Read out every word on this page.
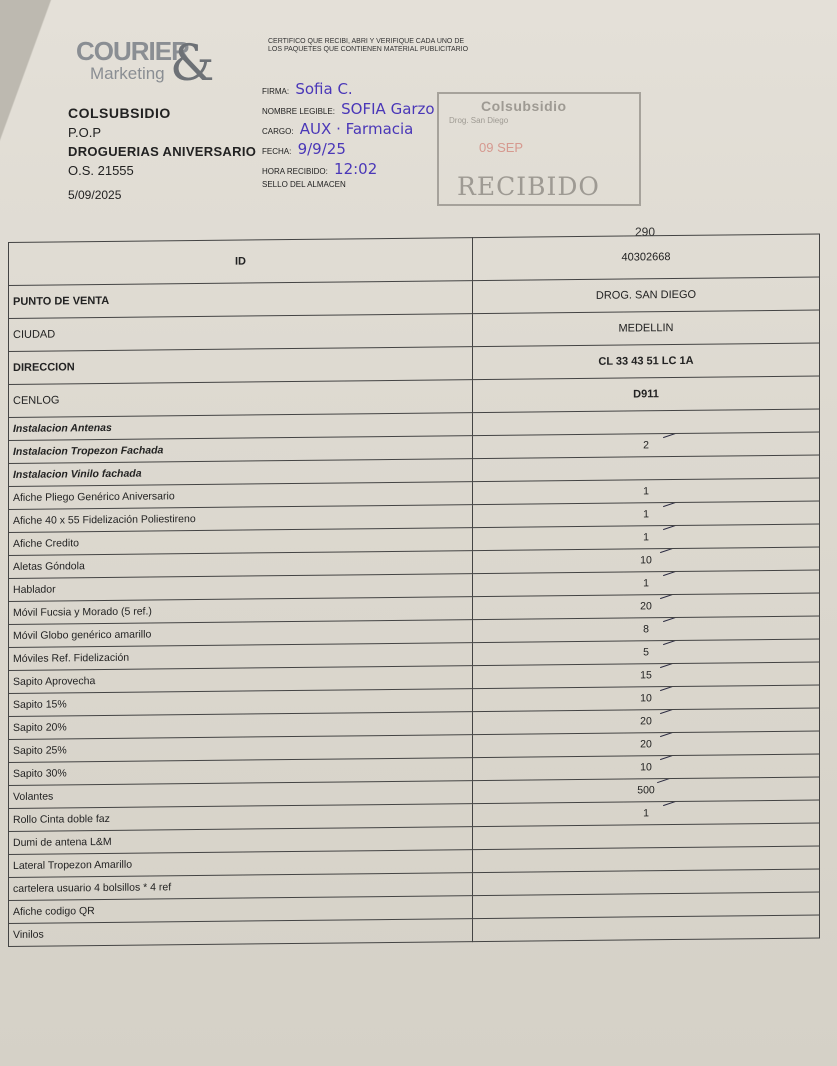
COURIER
Marketing &
COLSUBSIDIO
P.O.P
DROGUERIAS ANIVERSARIO
O.S. 21555
5/09/2025
CERTIFICO QUE RECIBI, ABRI Y VERIFIQUE CADA UNO DE LOS PAQUETES QUE CONTIENEN MATERIAL PUBLICITARIO
FIRMA: Sofia C.
NOMBRE LEGIBLE: SOFIA Garzo
CARGO: AUX · Farmacia
FECHA: 9/9/25
HORA RECIBIDO: 12:02
SELLO DEL ALMACEN
Colsubsidio
Drog. San Diego
09 SEP
RECIBIDO
290
ID	40302668
PUNTO DE VENTA	DROG. SAN DIEGO
CIUDAD	MEDELLIN
DIRECCION	CL 33 43 51 LC 1A
CENLOG	D911
Instalacion Antenas	
Instalacion Tropezon Fachada	2

Instalacion Vinilo fachada	
Afiche Pliego Genérico Aniversario	1
Afiche 40 x 55 Fidelización Poliestireno	1

Afiche Credito	1

Aletas Góndola	10

Hablador	1

Móvil Fucsia y Morado (5 ref.)	20

Móvil Globo genérico amarillo	8

Móviles Ref. Fidelización	5

Sapito Aprovecha	15

Sapito 15%	10

Sapito 20%	20

Sapito 25%	20

Sapito 30%	10

Volantes	500

Rollo Cinta doble faz	1

Dumi de antena L&M	
Lateral Tropezon Amarillo	
cartelera usuario 4 bolsillos * 4 ref	
Afiche codigo QR	
Vinilos	
